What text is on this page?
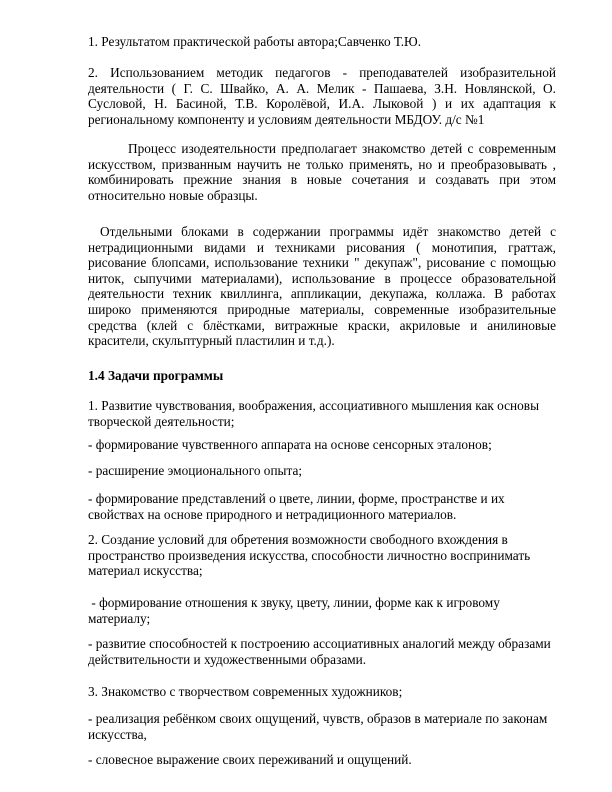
1. Результатом практической работы автора;Савченко Т.Ю.

2. Использованием методик педагогов - преподавателей изобразительной деятельности ( Г. С. Швайко, А. А. Мелик - Пашаева, З.Н. Новлянской, О. Сусловой, Н. Басиной, Т.В. Королёвой, И.А. Лыковой ) и их адаптация к региональному компоненту и условиям деятельности МБДОУ. д/с №1

Процесс изодеятельности предполагает знакомство детей с современным искусством, призванным научить не только применять, но и преобразовывать , комбинировать прежние знания в новые сочетания и создавать при этом относительно новые образцы.

Отдельными блоками в содержании программы идёт знакомство детей с нетрадиционными видами и техниками рисования ( монотипия, граттаж, рисование блопсами, использование техники " декупаж", рисование с помощью ниток, сыпучими материалами), использование в процессе образовательной деятельности техник квиллинга, аппликации, декупажа, коллажа. В работах широко применяются природные материалы, современные изобразительные средства (клей с блёстками, витражные краски, акриловые и анилиновые красители, скульптурный пластилин и т.д.).

1.4 Задачи программы

1. Развитие чувствования, воображения, ассоциативного мышления как основы творческой деятельности;

- формирование чувственного аппарата на основе сенсорных эталонов;

- расширение эмоционального опыта;

- формирование представлений о цвете, линии, форме, пространстве и их свойствах на основе природного и нетрадиционного материалов.

2. Создание условий для обретения возможности свободного вхождения в пространство произведения искусства, способности личностно воспринимать материал искусства;

- формирование отношения к звуку, цвету, линии, форме как к игровому материалу;

- развитие способностей к построению ассоциативных аналогий между образами действительности и художественными образами.

3. Знакомство с творчеством современных художников;

- реализация ребёнком своих ощущений, чувств, образов в материале по законам искусства,

- словесное выражение своих переживаний и ощущений.
